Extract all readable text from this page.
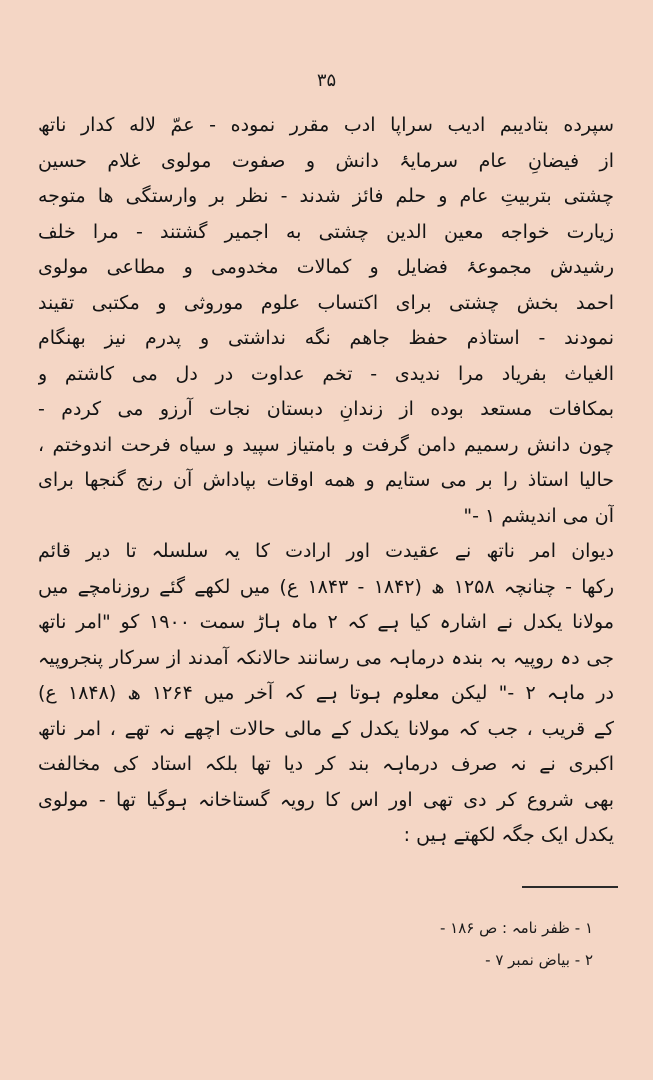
۳۵
سپرده بتادیبم ادیب سراپا ادب مقرر نموده - عمّ لاله کدار ناتھ
از فیضانِ عام سرمایۂ دانش و صفوت مولوی غلام حسین
چشتی بتربیتِ عام و حلم فائز شدند - نظر بر وارستگی ها متوجه
زیارت خواجه معین الدین چشتی به اجمیر گشتند - مرا خلف
رشیدش مجموعۂ فضایل و کمالات مخدومی و مطاعی مولوی
احمد بخش چشتی برای اکتساب علوم موروثی و مکتبی تقیند
نمودند - استاذم حفظ جاهم نگه نداشتی و پدرم نیز بهنگام
الغیاث بفریاد مرا ندیدی - تخم عداوت در دل می کاشتم و
بمکافات مستعد بوده از زندانِ دبستان نجات آرزو می کردم -
چون دانش رسمیم دامن گرفت و بامتیاز سپید و سیاه فرحت اندوختم ،
حالیا استاذ را بر می ستایم و همه اوقات بپاداش آن رنج گنجها برای
آن می اندیشم ۱ -"
دیوان امر ناتھ نے عقیدت اور ارادت کا یہ سلسلہ تا دیر قائم
رکھا - چنانچہ ۱۲۵۸ ھ (۱۸۴۲ - ۱۸۴۳ ع) میں لکھے گئے روزنامچے میں
مولانا یکدل نے اشارہ کیا ہے کہ ۲ ماہ ہاڑ سمت ۱۹۰۰ کو "امر ناتھ
جی دہ روپیہ بہ بندہ درماہہ می رسانند حالانکہ آمدند از سرکار پنجروپیہ
در ماہہ ۲ -" لیکن معلوم ہوتا ہے کہ آخر میں ۱۲۶۴ ھ (۱۸۴۸ ع)
کے قریب ، جب کہ مولانا یکدل کے مالی حالات اچھے نہ تھے ، امر ناتھ
اکبری نے نہ صرف درماہہ بند کر دیا تھا بلکہ استاد کی مخالفت
بھی شروع کر دی تھی اور اس کا رویہ گستاخانہ ہوگیا تھا - مولوی
یکدل ایک جگہ لکھتے ہیں :
۱ - ظفر نامہ : ص ۱۸۶ -
۲ - بیاض نمبر ۷ -
